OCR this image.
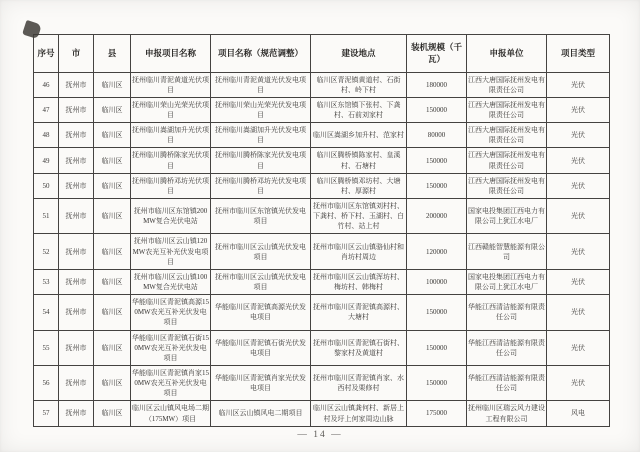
序号	市	县	申报项目名称	项目名称（规范调整）	建设地点	装机规模（千瓦）	申报单位	项目类型
46	抚州市	临川区	抚州临川青泥黄道光伏项目	抚州临川青泥黄道光伏发电项目	临川区青泥镇黄道村、石街村、岭下村	180000	江西大唐国际抚州发电有限责任公司	光伏
47	抚州市	临川区	抚州临川荣山光荣光伏项目	抚州临川荣山光荣光伏发电项目	临川区东馆镇下张村、下龚村、石前刘家村	150000	江西大唐国际抚州发电有限责任公司	光伏
48	抚州市	临川区	抚州临川嵩湖加升光伏项目	抚州临川嵩湖加升光伏发电项目	临川区嵩湖乡加升村、范家村	80000	江西大唐国际抚州发电有限责任公司	光伏
49	抚州市	临川区	抚州临川腾桥陈家光伏项目	抚州临川腾桥陈家光伏发电项目	临川区腾桥镇陈家村、皇溪村、石塘村	150000	江西大唐国际抚州发电有限责任公司	光伏
50	抚州市	临川区	抚州临川腾桥邓坊光伏项目	抚州临川腾桥邓坊光伏发电项目	临川区腾桥镇邓坊村、大塘村、厚源村	150000	江西大唐国际抚州发电有限责任公司	光伏
51	抚州市	临川区	抚州市临川区东馆镇200MW复合光伏电站	抚州市临川区东馆镇光伏发电项目	抚州市临川区东馆镇刘村村、下龚村、桥下村、玉湖村、白竹村、站上村	200000	国家电投集团江西电力有限公司上犹江水电厂	光伏
52	抚州市	临川区	抚州市临川区云山镇120MW农光互补光伏发电项目	抚州市临川区云山镇光伏发电项目	抚州市临川区云山镇骆仙村和肖坊村周边	120000	江西赣能智慧能源有限公司	光伏
53	抚州市	临川区	抚州市临川区云山镇100MW复合光伏电站	抚州市临川区云山镇光伏发电项目	抚州市临川区云山镇浑坊村、梅坊村、韩梅村	100000	国家电投集团江西电力有限公司上犹江水电厂	光伏
54	抚州市	临川区	华能临川区青泥镇高源150MW农光互补光伏发电项目	华能临川区青泥镇高源光伏发电项目	抚州市临川区青泥镇高源村、大塘村	150000	华能江西清洁能源有限责任公司	光伏
55	抚州市	临川区	华能临川区青泥镇石街150MW农光互补光伏发电项目	华能临川区青泥镇石街光伏发电项目	抚州市临川区青泥镇石街村、黎家村及黄道村	150000	华能江西清洁能源有限责任公司	光伏
56	抚州市	临川区	华能临川区青泥镇肖家150MW农光互补光伏发电项目	华能临川区青泥镇肖家光伏发电项目	抚州市临川区青泥镇肖家、水西村及栗修村	150000	华能江西清洁能源有限责任公司	光伏
57	抚州市	临川区	临川区云山镇风电场二期（175MW）项目	临川区云山镇风电二期项目	临川区云山镇龚何村、新居上村及圩上何家周边山脉	175000	抚州临川区瑞云风力建设工程有限公司	风电
— 14 —
